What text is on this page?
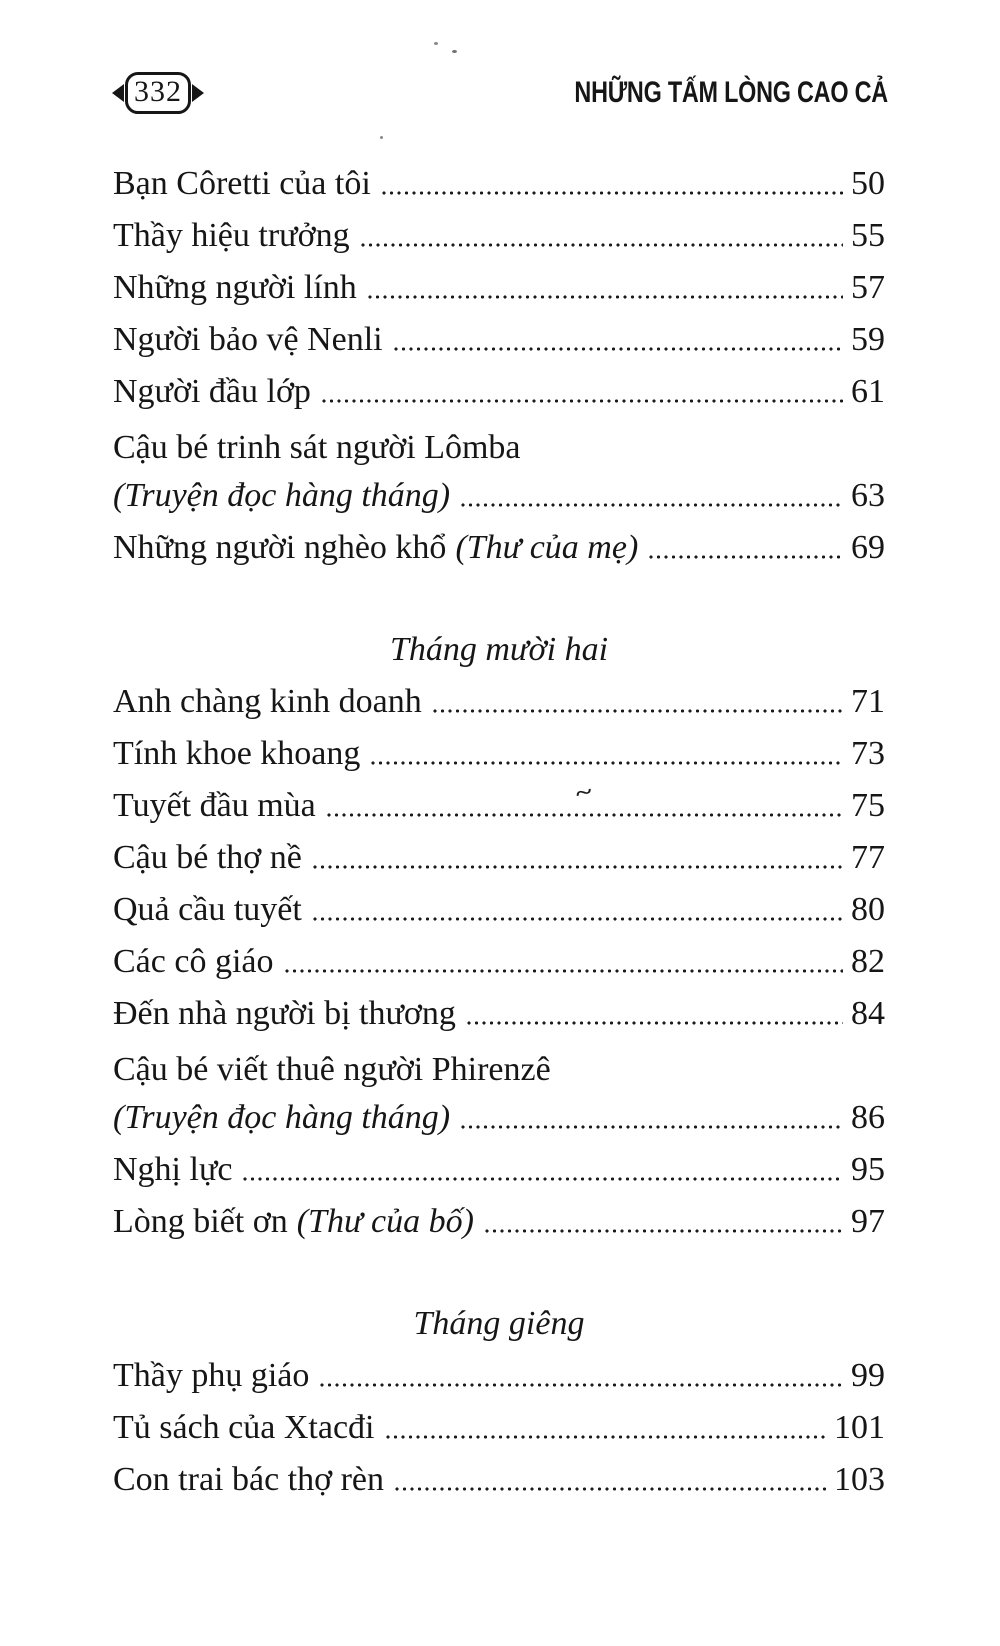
332	NHỮNG TẤM LÒNG CAO CẢ
Bạn Côretti của tôi	50
Thầy hiệu trưởng	55
Những người lính	57
Người bảo vệ Nenli	59
Người đầu lớp	61
Cậu bé trinh sát người Lômba
(Truyện đọc hàng tháng)	63
Những người nghèo khổ (Thư của mẹ)	69
Tháng mười hai
Anh chàng kinh doanh	71
Tính khoe khoang	73
Tuyết đầu mùa	75
Cậu bé thợ nề	77
Quả cầu tuyết	80
Các cô giáo	82
Đến nhà người bị thương	84
Cậu bé viết thuê người Phirenzê
(Truyện đọc hàng tháng)	86
Nghị lực	95
Lòng biết ơn (Thư của bố)	97
Tháng giêng
Thầy phụ giáo	99
Tủ sách của Xtacđi	101
Con trai bác thợ rèn	103
~
